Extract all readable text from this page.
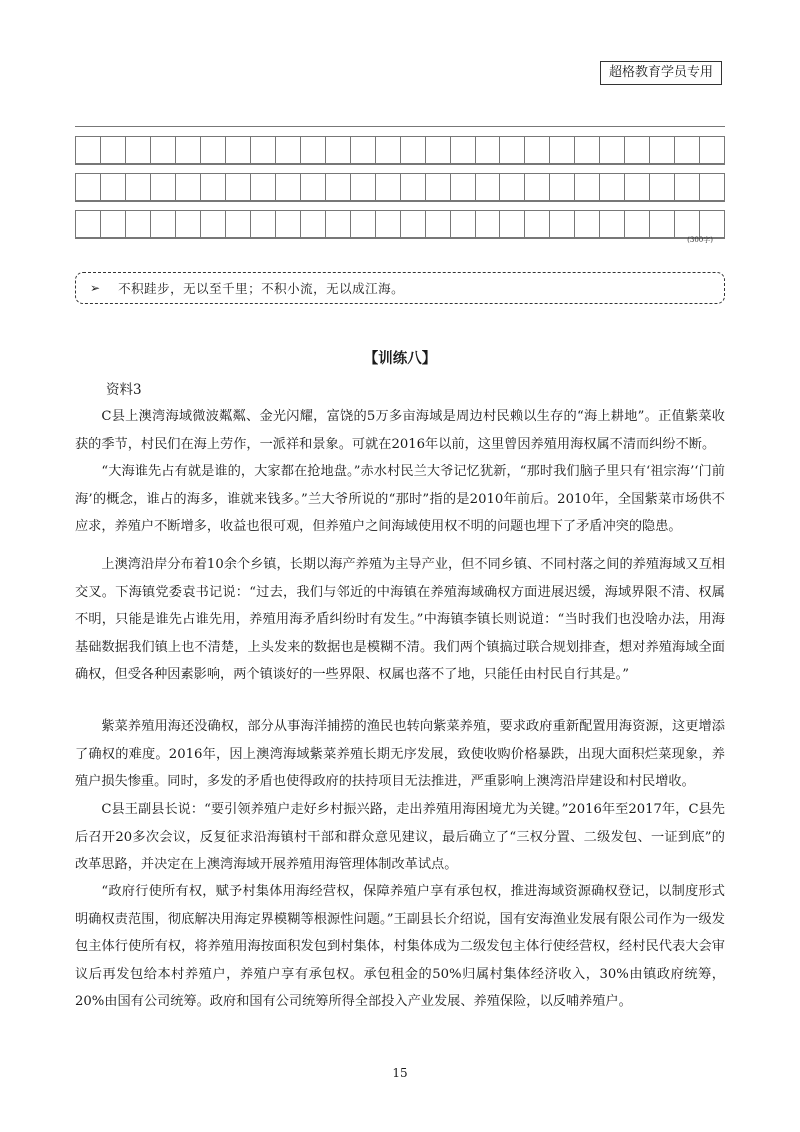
超格教育学员专用
(300字)
➢ 不积跬步，无以至千里；不积小流，无以成江海。
【训练八】
资料3

C县上澳湾海域微波粼粼、金光闪耀，富饶的5万多亩海域是周边村民赖以生存的“海上耕地”。正值紫菜收获的季节，村民们在海上劳作，一派祥和景象。可就在2016年以前，这里曾因养殖用海权属不清而纠纷不断。

“大海谁先占有就是谁的，大家都在抢地盘。”赤水村民兰大爷记忆犹新，“那时我们脑子里只有‘祖宗海’‘门前海’的概念，谁占的海多，谁就来钱多。”兰大爷所说的“那时”指的是2010年前后。2010年，全国紫菜市场供不应求，养殖户不断增多，收益也很可观，但养殖户之间海域使用权不明的问题也埋下了矛盾冲突的隐患。

上澳湾沿岸分布着10余个乡镇，长期以海产养殖为主导产业，但不同乡镇、不同村落之间的养殖海域又互相交叉。下海镇党委袁书记说：“过去，我们与邻近的中海镇在养殖海域确权方面进展迟缓，海域界限不清、权属不明，只能是谁先占谁先用，养殖用海矛盾纠纷时有发生。”中海镇李镇长则说道：“当时我们也没啥办法，用海基础数据我们镇上也不清楚，上头发来的数据也是模糊不清。我们两个镇搞过联合规划排查，想对养殖海域全面确权，但受各种因素影响，两个镇谈好的一些界限、权属也落不了地，只能任由村民自行其是。”

紫菜养殖用海还没确权，部分从事海洋捕捞的渔民也转向紫菜养殖，要求政府重新配置用海资源，这更增添了确权的难度。2016年，因上澳湾海域紫菜养殖长期无序发展，致使收购价格暴跌，出现大面积烂菜现象，养殖户损失惨重。同时，多发的矛盾也使得政府的扶持项目无法推进，严重影响上澳湾沿岸建设和村民增收。

C县王副县长说：“要引领养殖户走好乡村振兴路，走出养殖用海困境尤为关键。”2016年至2017年，C县先后召开20多次会议，反复征求沿海镇村干部和群众意见建议，最后确立了“三权分置、二级发包、一证到底”的改革思路，并决定在上澳湾海域开展养殖用海管理体制改革试点。

“政府行使所有权，赋予村集体用海经营权，保障养殖户享有承包权，推进海域资源确权登记，以制度形式明确权责范围，彻底解决用海定界模糊等根源性问题。”王副县长介绍说，国有安海渔业发展有限公司作为一级发包主体行使所有权，将养殖用海按面积发包到村集体，村集体成为二级发包主体行使经营权，经村民代表大会审议后再发包给本村养殖户，养殖户享有承包权。承包租金的50%归属村集体经济收入，30%由镇政府统筹，20%由国有公司统筹。政府和国有公司统筹所得全部投入产业发展、养殖保险，以反哺养殖户。

15
